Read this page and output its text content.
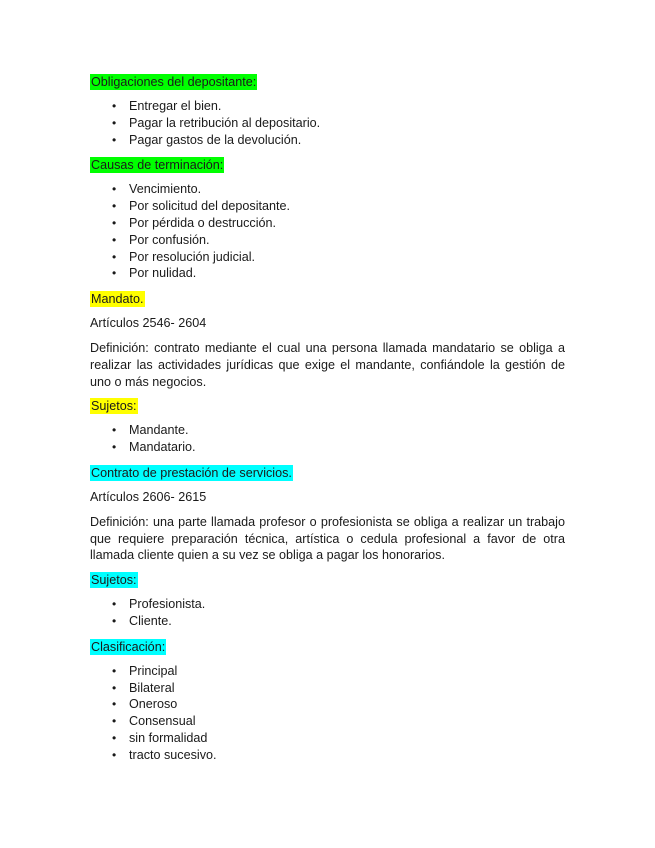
Obligaciones del depositante:
• Entregar el bien.
• Pagar la retribución al depositario.
• Pagar gastos de la devolución.
Causas de terminación:
• Vencimiento.
• Por solicitud del depositante.
• Por pérdida o destrucción.
• Por confusión.
• Por resolución judicial.
• Por nulidad.
Mandato.

Artículos 2546- 2604

Definición: contrato mediante el cual una persona llamada mandatario se obliga a realizar las actividades jurídicas que exige el mandante, confiándole la gestión de uno o más negocios.

Sujetos:
• Mandante.
• Mandatario.
Contrato de prestación de servicios.

Artículos 2606- 2615

Definición: una parte llamada profesor o profesionista se obliga a realizar un trabajo que requiere preparación técnica, artística o cedula profesional a favor de otra llamada cliente quien a su vez se obliga a pagar los honorarios.

Sujetos:
• Profesionista.
• Cliente.
Clasificación:
• Principal
• Bilateral
• Oneroso
• Consensual
• sin formalidad
• tracto sucesivo.
